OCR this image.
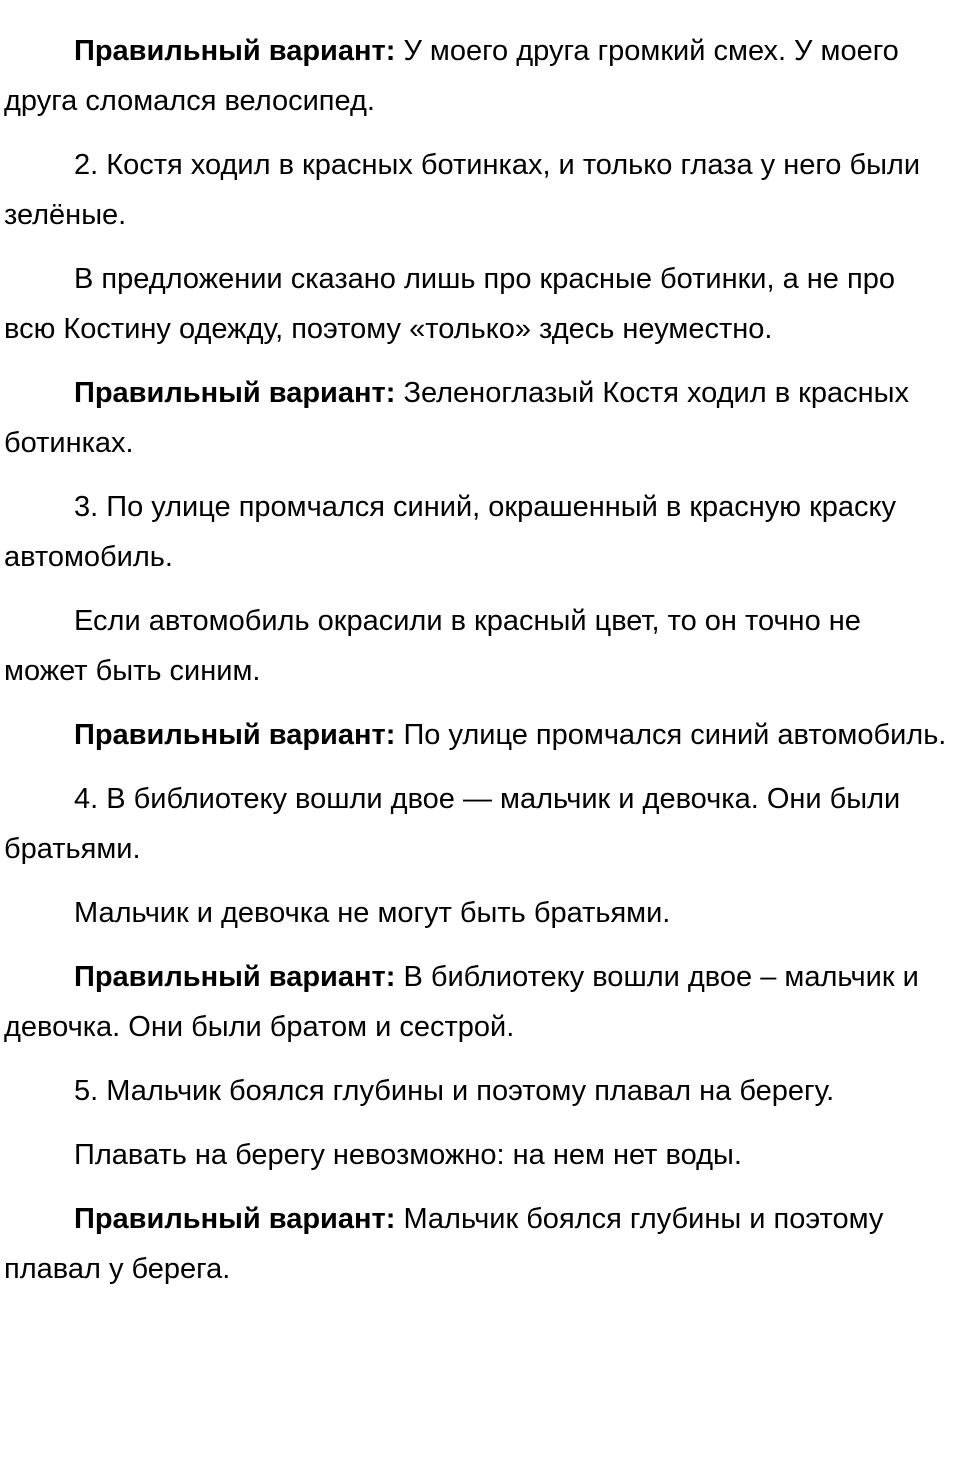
Правильный вариант: У моего друга громкий смех. У моего друга сломался велосипед.

2. Костя ходил в красных ботинках, и только глаза у него были зелёные.

В предложении сказано лишь про красные ботинки, а не про всю Костину одежду, поэтому «только» здесь неуместно.

Правильный вариант: Зеленоглазый Костя ходил в красных ботинках.

3. По улице промчался синий, окрашенный в красную краску автомобиль.

Если автомобиль окрасили в красный цвет, то он точно не может быть синим.

Правильный вариант: По улице промчался синий автомобиль.

4. В библиотеку вошли двое — мальчик и девочка. Они были братьями.

Мальчик и девочка не могут быть братьями.

Правильный вариант: В библиотеку вошли двое – мальчик и девочка. Они были братом и сестрой.

5. Мальчик боялся глубины и поэтому плавал на берегу.

Плавать на берегу невозможно: на нем нет воды.

Правильный вариант: Мальчик боялся глубины и поэтому плавал у берега.
